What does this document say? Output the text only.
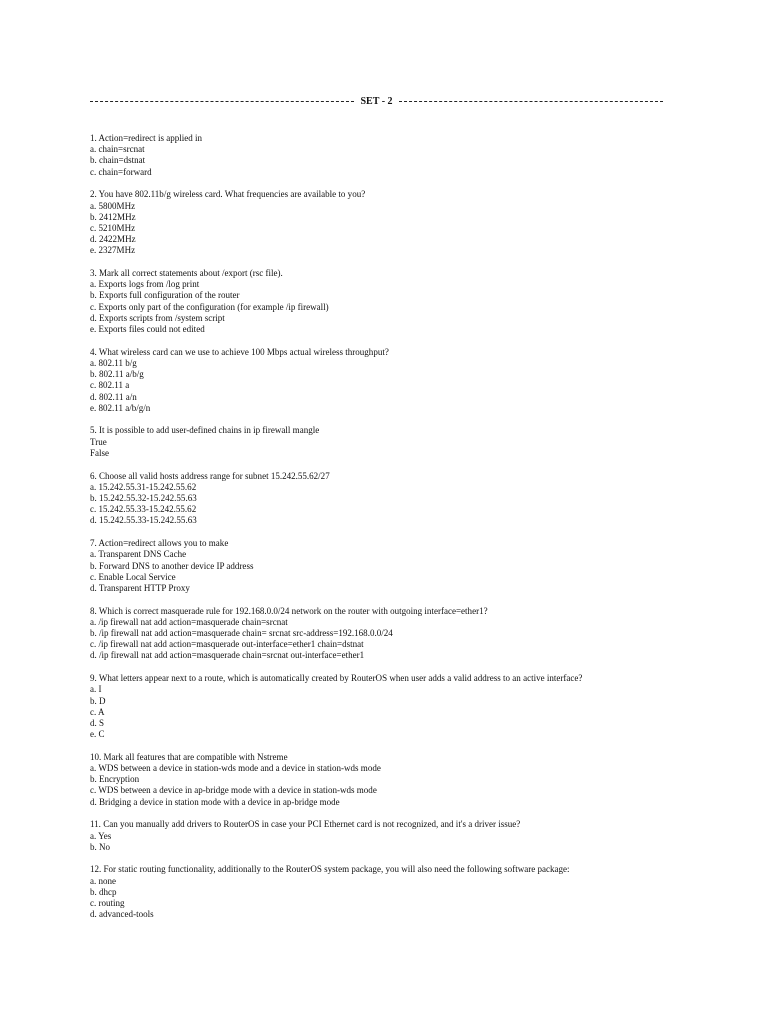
SET - 2
1. Action=redirect is applied in
a. chain=srcnat
b. chain=dstnat
c. chain=forward
2. You have 802.11b/g wireless card. What frequencies are available to you?
a. 5800MHz
b. 2412MHz
c. 5210MHz
d. 2422MHz
e. 2327MHz
3. Mark all correct statements about /export (rsc file).
a. Exports logs from /log print
b. Exports full configuration of the router
c. Exports only part of the configuration (for example /ip firewall)
d. Exports scripts from /system script
e. Exports files could not edited
4. What wireless card can we use to achieve 100 Mbps actual wireless throughput?
a. 802.11 b/g
b. 802.11 a/b/g
c. 802.11 a
d. 802.11 a/n
e. 802.11 a/b/g/n
5. It is possible to add user-defined chains in ip firewall mangle
True
False
6. Choose all valid hosts address range for subnet 15.242.55.62/27
a. 15.242.55.31-15.242.55.62
b. 15.242.55.32-15.242.55.63
c. 15.242.55.33-15.242.55.62
d. 15.242.55.33-15.242.55.63
7. Action=redirect allows you to make
a. Transparent DNS Cache
b. Forward DNS to another device IP address
c. Enable Local Service
d. Transparent HTTP Proxy
8. Which is correct masquerade rule for 192.168.0.0/24 network on the router with outgoing interface=ether1?
a. /ip firewall nat add action=masquerade chain=srcnat
b. /ip firewall nat add action=masquerade chain= srcnat src-address=192.168.0.0/24
c. /ip firewall nat add action=masquerade out-interface=ether1 chain=dstnat
d. /ip firewall nat add action=masquerade chain=srcnat out-interface=ether1
9. What letters appear next to a route, which is automatically created by RouterOS when user adds a valid address to an active interface?
a. I
b. D
c. A
d. S
e. C
10. Mark all features that are compatible with Nstreme
a. WDS between a device in station-wds mode and a device in station-wds mode
b. Encryption
c. WDS between a device in ap-bridge mode with a device in station-wds mode
d. Bridging a device in station mode with a device in ap-bridge mode
11. Can you manually add drivers to RouterOS in case your PCI Ethernet card is not recognized, and it's a driver issue?
a. Yes
b. No
12. For static routing functionality, additionally to the RouterOS system package, you will also need the following software package:
a. none
b. dhcp
c. routing
d. advanced-tools
